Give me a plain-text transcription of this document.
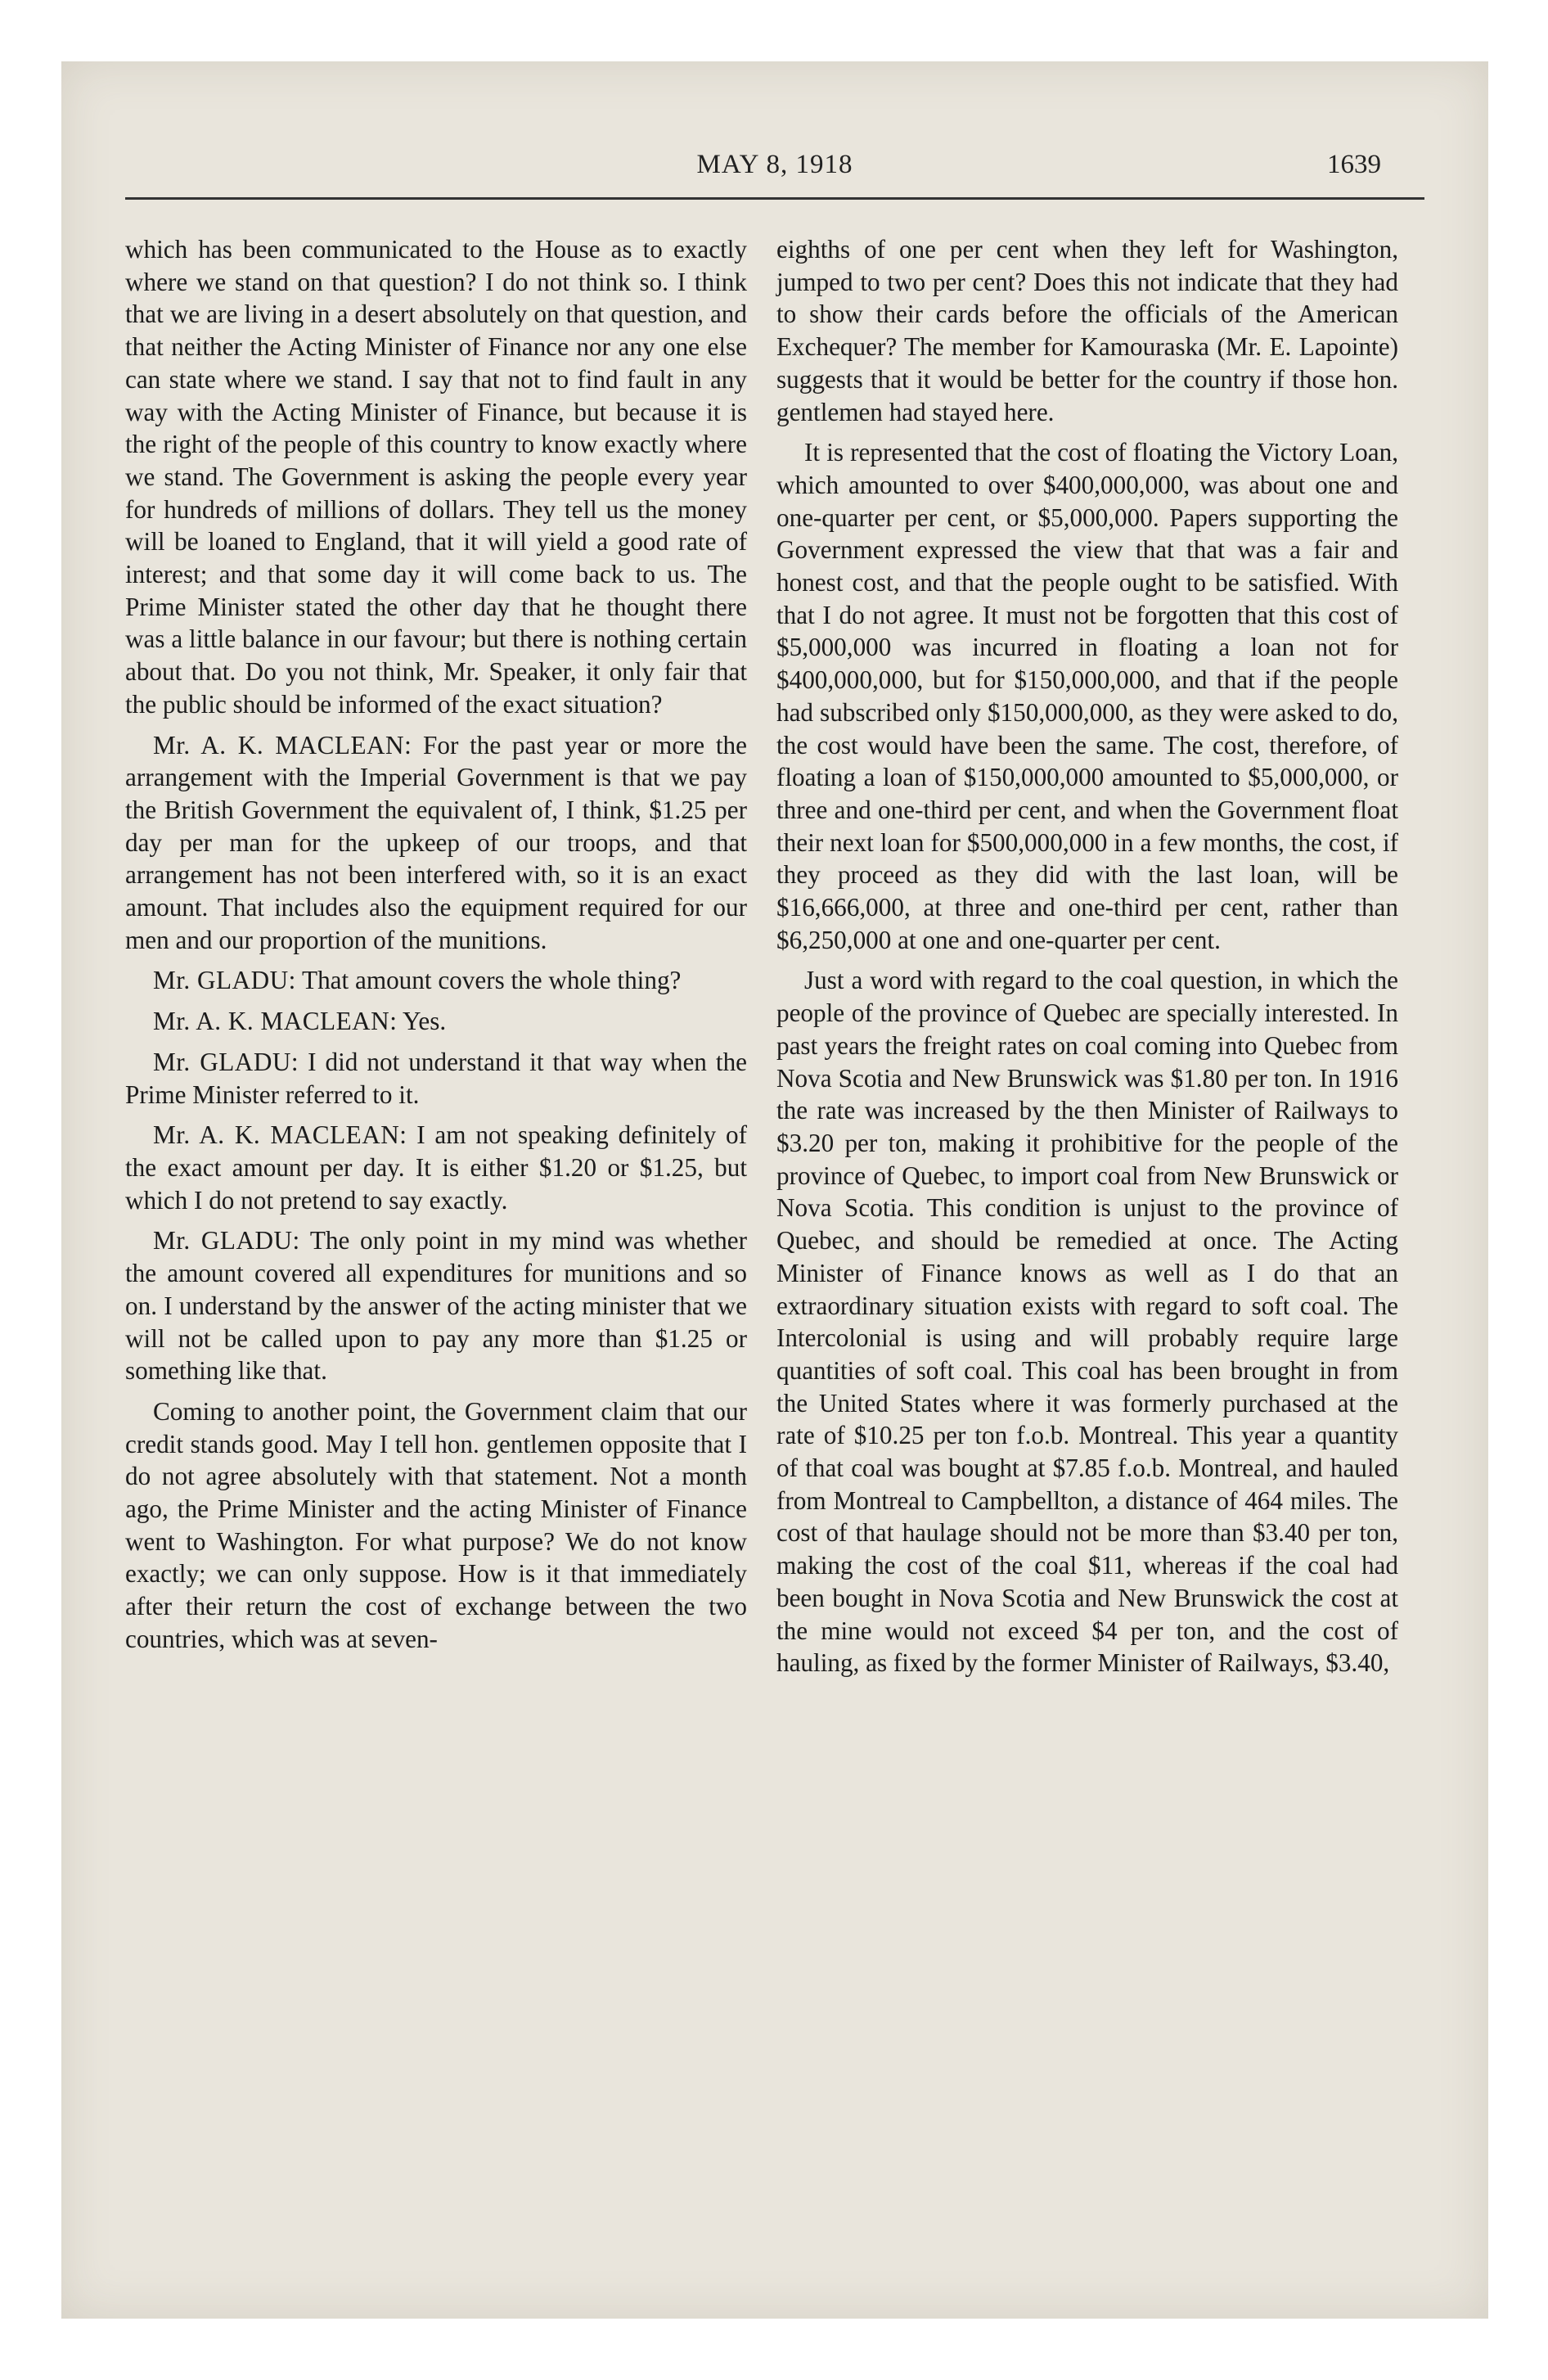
MAY 8, 1918	1639

which has been communicated to the House as to exactly where we stand on that question? I do not think so. I think that we are living in a desert absolutely on that question, and that neither the Acting Minister of Finance nor any one else can state where we stand. I say that not to find fault in any way with the Acting Minister of Finance, but because it is the right of the people of this country to know exactly where we stand. The Government is asking the people every year for hundreds of millions of dollars. They tell us the money will be loaned to England, that it will yield a good rate of interest; and that some day it will come back to us. The Prime Minister stated the other day that he thought there was a little balance in our favour; but there is nothing certain about that. Do you not think, Mr. Speaker, it only fair that the public should be informed of the exact situation?

Mr. A. K. MACLEAN: For the past year or more the arrangement with the Imperial Government is that we pay the British Government the equivalent of, I think, $1.25 per day per man for the upkeep of our troops, and that arrangement has not been interfered with, so it is an exact amount. That includes also the equipment required for our men and our proportion of the munitions.

Mr. GLADU: That amount covers the whole thing?

Mr. A. K. MACLEAN: Yes.

Mr. GLADU: I did not understand it that way when the Prime Minister referred to it.

Mr. A. K. MACLEAN: I am not speaking definitely of the exact amount per day. It is either $1.20 or $1.25, but which I do not pretend to say exactly.

Mr. GLADU: The only point in my mind was whether the amount covered all expenditures for munitions and so on. I understand by the answer of the acting minister that we will not be called upon to pay any more than $1.25 or something like that.

Coming to another point, the Government claim that our credit stands good. May I tell hon. gentlemen opposite that I do not agree absolutely with that statement. Not a month ago, the Prime Minister and the acting Minister of Finance went to Washington. For what purpose? We do not know exactly; we can only suppose. How is it that immediately after their return the cost of exchange between the two countries, which was at seven-

eighths of one per cent when they left for Washington, jumped to two per cent? Does this not indicate that they had to show their cards before the officials of the American Exchequer? The member for Kamouraska (Mr. E. Lapointe) suggests that it would be better for the country if those hon. gentlemen had stayed here.

It is represented that the cost of floating the Victory Loan, which amounted to over $400,000,000, was about one and one-quarter per cent, or $5,000,000. Papers supporting the Government expressed the view that that was a fair and honest cost, and that the people ought to be satisfied. With that I do not agree. It must not be forgotten that this cost of $5,000,000 was incurred in floating a loan not for $400,000,000, but for $150,000,000, and that if the people had subscribed only $150,000,000, as they were asked to do, the cost would have been the same. The cost, therefore, of floating a loan of $150,000,000 amounted to $5,000,000, or three and one-third per cent, and when the Government float their next loan for $500,000,000 in a few months, the cost, if they proceed as they did with the last loan, will be $16,666,000, at three and one-third per cent, rather than $6,250,000 at one and one-quarter per cent.

Just a word with regard to the coal question, in which the people of the province of Quebec are specially interested. In past years the freight rates on coal coming into Quebec from Nova Scotia and New Brunswick was $1.80 per ton. In 1916 the rate was increased by the then Minister of Railways to $3.20 per ton, making it prohibitive for the people of the province of Quebec, to import coal from New Brunswick or Nova Scotia. This condition is unjust to the province of Quebec, and should be remedied at once. The Acting Minister of Finance knows as well as I do that an extraordinary situation exists with regard to soft coal. The Intercolonial is using and will probably require large quantities of soft coal. This coal has been brought in from the United States where it was formerly purchased at the rate of $10.25 per ton f.o.b. Montreal. This year a quantity of that coal was bought at $7.85 f.o.b. Montreal, and hauled from Montreal to Campbellton, a distance of 464 miles. The cost of that haulage should not be more than $3.40 per ton, making the cost of the coal $11, whereas if the coal had been bought in Nova Scotia and New Brunswick the cost at the mine would not exceed $4 per ton, and the cost of hauling, as fixed by the former Minister of Railways, $3.40,
